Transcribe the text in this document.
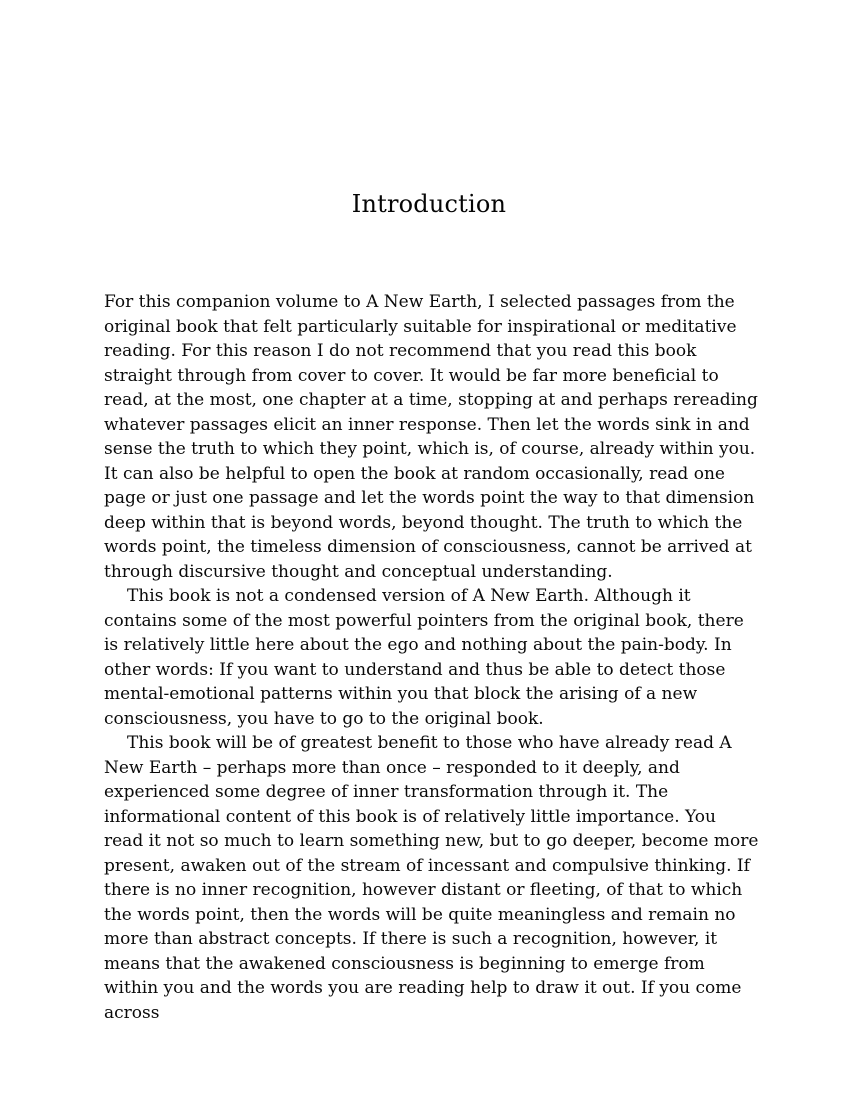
Introduction

For this companion volume to A New Earth, I selected passages from the original book that felt particularly suitable for inspirational or meditative reading. For this reason I do not recommend that you read this book straight through from cover to cover. It would be far more beneficial to read, at the most, one chapter at a time, stopping at and perhaps rereading whatever passages elicit an inner response. Then let the words sink in and sense the truth to which they point, which is, of course, already within you. It can also be helpful to open the book at random occasionally, read one page or just one passage and let the words point the way to that dimension deep within that is beyond words, beyond thought. The truth to which the words point, the timeless dimension of consciousness, cannot be arrived at through discursive thought and conceptual understanding.

This book is not a condensed version of A New Earth. Although it contains some of the most powerful pointers from the original book, there is relatively little here about the ego and nothing about the pain-body. In other words: If you want to understand and thus be able to detect those mental-emotional patterns within you that block the arising of a new consciousness, you have to go to the original book.

This book will be of greatest benefit to those who have already read A New Earth – perhaps more than once – responded to it deeply, and experienced some degree of inner transformation through it. The informational content of this book is of relatively little importance. You read it not so much to learn something new, but to go deeper, become more present, awaken out of the stream of incessant and compulsive thinking. If there is no inner recognition, however distant or fleeting, of that to which the words point, then the words will be quite meaningless and remain no more than abstract concepts. If there is such a recognition, however, it means that the awakened consciousness is beginning to emerge from within you and the words you are reading help to draw it out. If you come across
